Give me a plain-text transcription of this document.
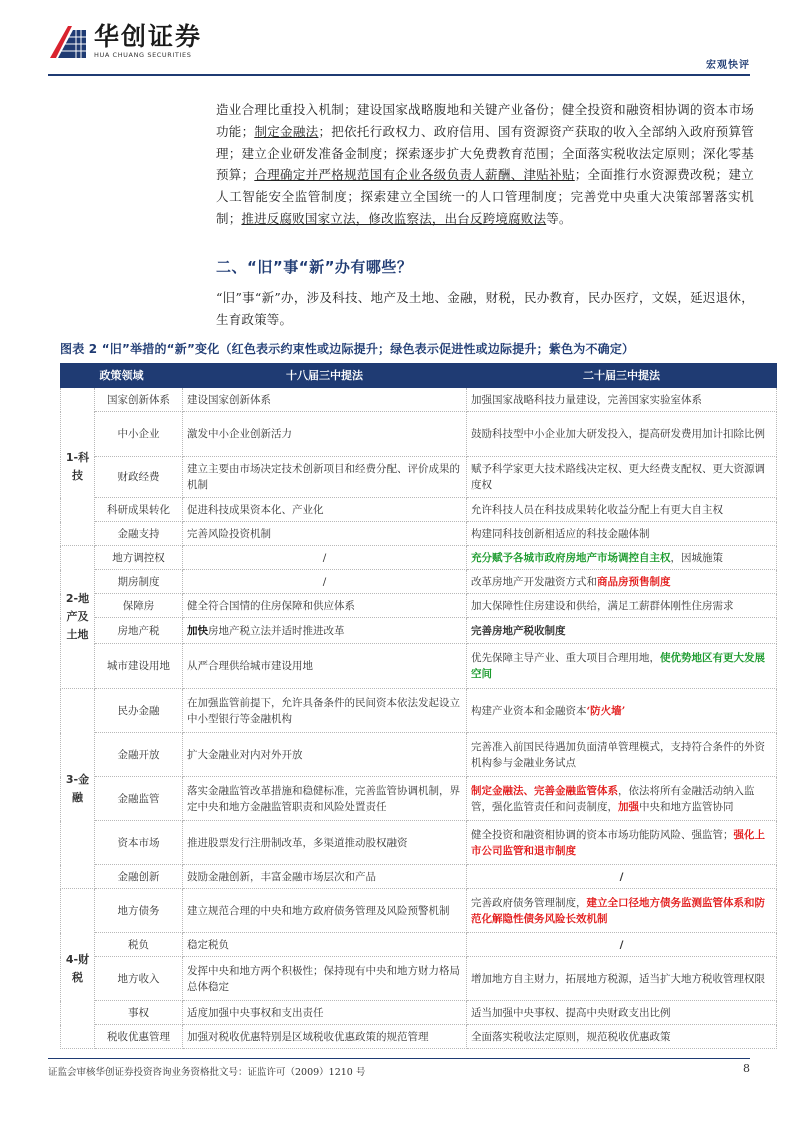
华创证券
HUA CHUANG SECURITIES
宏观快评

造业合理比重投入机制；建设国家战略腹地和关键产业备份；健全投资和融资相协调的资本市场功能；制定金融法；把依托行政权力、政府信用、国有资源资产获取的收入全部纳入政府预算管理；建立企业研发准备金制度；探索逐步扩大免费教育范围；全面落实税收法定原则；深化零基预算；合理确定并严格规范国有企业各级负责人薪酬、津贴补贴；全面推行水资源费改税；建立人工智能安全监管制度；探索建立全国统一的人口管理制度；完善党中央重大决策部署落实机制；推进反腐败国家立法，修改监察法，出台反跨境腐败法等。

二、“旧”事“新”办有哪些？

“旧”事“新”办，涉及科技、地产及土地、金融，财税，民办教育，民办医疗，文娱，延迟退休，生育政策等。

图表 2 “旧”举措的“新”变化（红色表示约束性或边际提升；绿色表示促进性或边际提升；紫色为不确定）
政策领域		十八届三中提法	二十届三中提法
1-科技	国家创新体系	建设国家创新体系	加强国家战略科技力量建设，完善国家实验室体系
	中小企业	激发中小企业创新活力	鼓励科技型中小企业加大研发投入，提高研发费用加计扣除比例
	财政经费	建立主要由市场决定技术创新项目和经费分配、评价成果的机制	赋予科学家更大技术路线决定权、更大经费支配权、更大资源调度权
	科研成果转化	促进科技成果资本化、产业化	允许科技人员在科技成果转化收益分配上有更大自主权
	金融支持	完善风险投资机制	构建同科技创新相适应的科技金融体制
2-地产及土地	地方调控权	/	充分赋予各城市政府房地产市场调控自主权，因城施策
	期房制度	/	改革房地产开发融资方式和商品房预售制度
	保障房	健全符合国情的住房保障和供应体系	加大保障性住房建设和供给，满足工薪群体刚性住房需求
	房地产税	加快房地产税立法并适时推进改革	完善房地产税收制度
	城市建设用地	从严合理供给城市建设用地	优先保障主导产业、重大项目合理用地，使优势地区有更大发展空间
3-金融	民办金融	在加强监管前提下，允许具备条件的民间资本依法发起设立中小型银行等金融机构	构建产业资本和金融资本‘防火墙’
	金融开放	扩大金融业对内对外开放	完善准入前国民待遇加负面清单管理模式，支持符合条件的外资机构参与金融业务试点
	金融监管	落实金融监管改革措施和稳健标准，完善监管协调机制，界定中央和地方金融监管职责和风险处置责任	制定金融法、完善金融监管体系，依法将所有金融活动纳入监管，强化监管责任和问责制度，加强中央和地方监管协同
	资本市场	推进股票发行注册制改革，多渠道推动股权融资	健全投资和融资相协调的资本市场功能防风险、强监管；强化上市公司监管和退市制度
	金融创新	鼓励金融创新，丰富金融市场层次和产品	/
4-财税	地方债务	建立规范合理的中央和地方政府债务管理及风险预警机制	完善政府债务管理制度，建立全口径地方债务监测监管体系和防范化解隐性债务风险长效机制
	税负	稳定税负	/
	地方收入	发挥中央和地方两个积极性；保持现有中央和地方财力格局总体稳定	增加地方自主财力，拓展地方税源，适当扩大地方税收管理权限
	事权	适度加强中央事权和支出责任	适当加强中央事权、提高中央财政支出比例
	税收优惠管理	加强对税收优惠特别是区域税收优惠政策的规范管理	全面落实税收法定原则，规范税收优惠政策
证监会审核华创证券投资咨询业务资格批文号：证监许可（2009）1210 号	8
